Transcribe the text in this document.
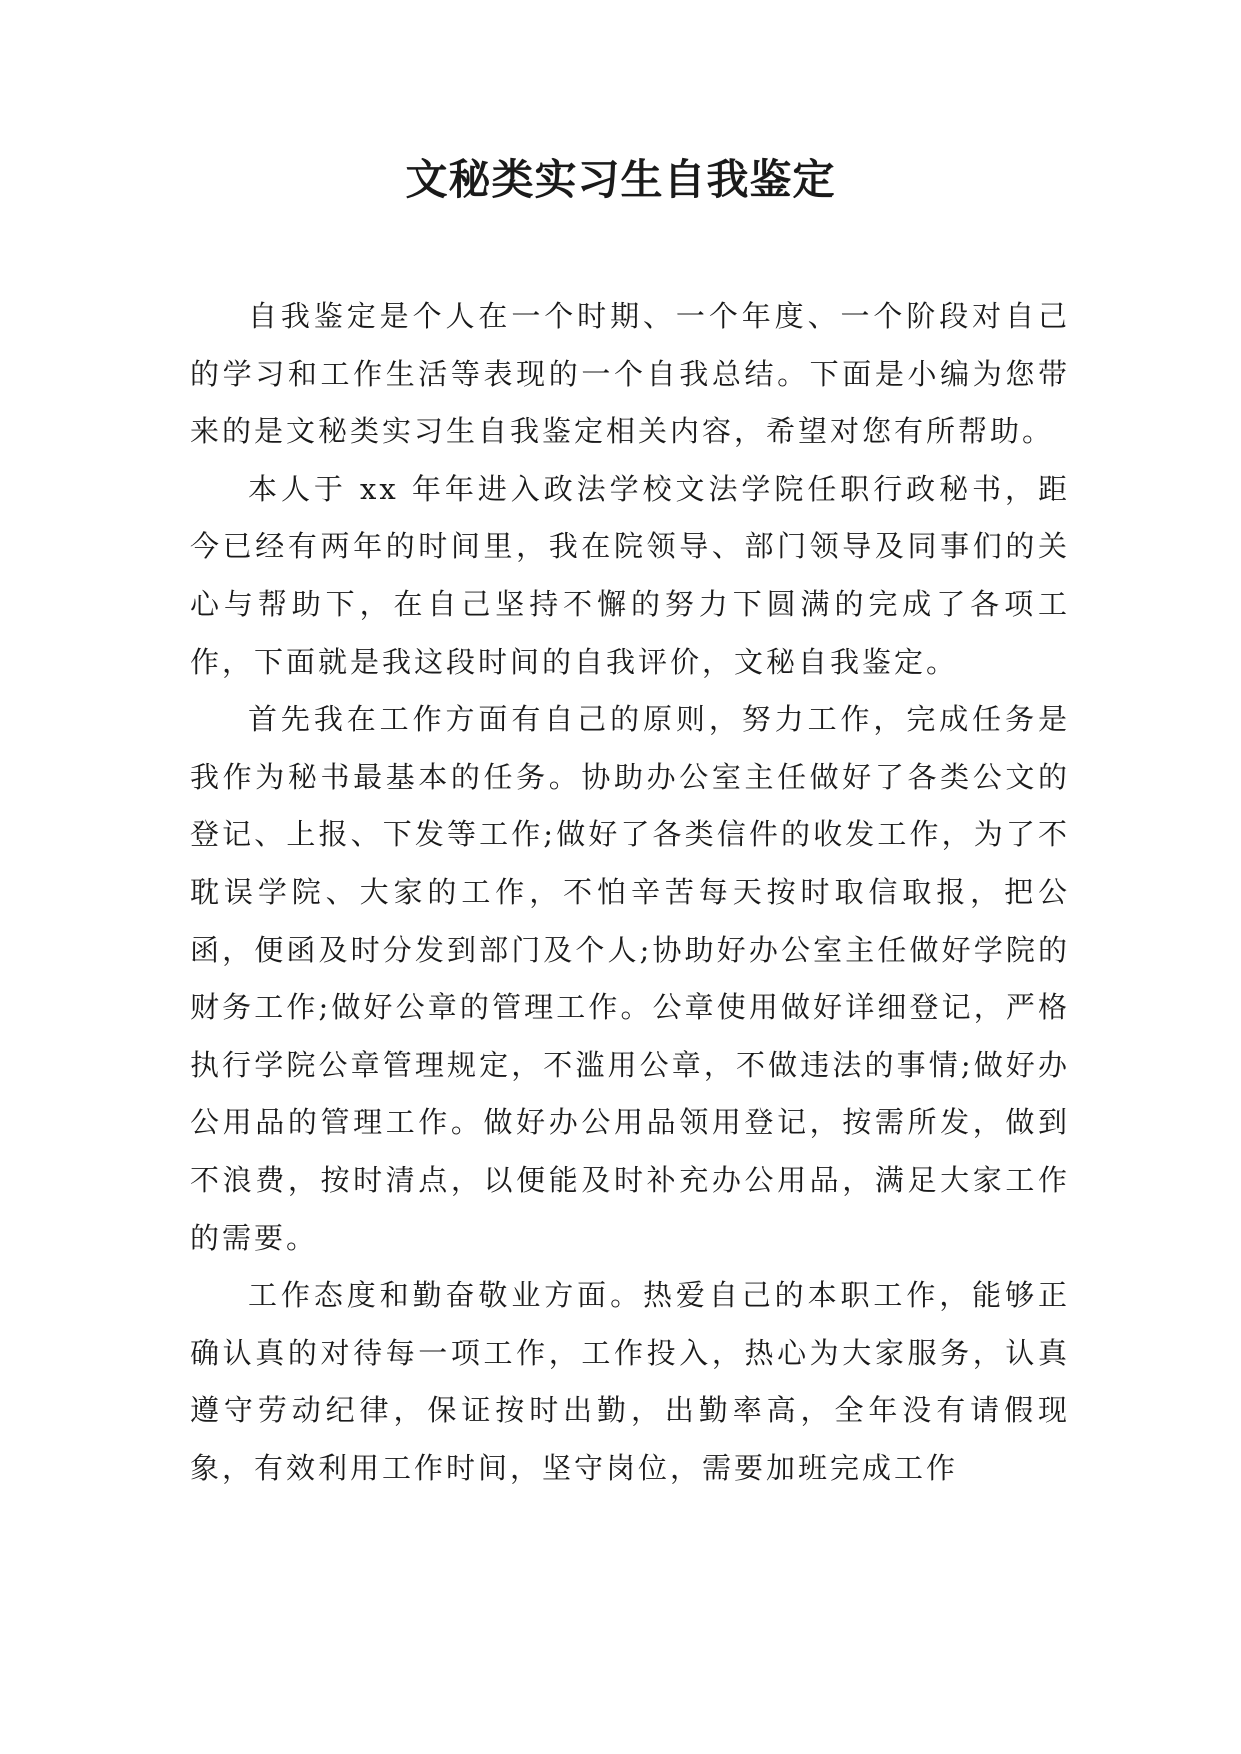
文秘类实习生自我鉴定

自我鉴定是个人在一个时期、一个年度、一个阶段对自己的学习和工作生活等表现的一个自我总结。下面是小编为您带来的是文秘类实习生自我鉴定相关内容，希望对您有所帮助。

本人于 xx 年年进入政法学校文法学院任职行政秘书，距今已经有两年的时间里，我在院领导、部门领导及同事们的关心与帮助下，在自己坚持不懈的努力下圆满的完成了各项工作，下面就是我这段时间的自我评价，文秘自我鉴定。

首先我在工作方面有自己的原则，努力工作，完成任务是我作为秘书最基本的任务。协助办公室主任做好了各类公文的登记、上报、下发等工作;做好了各类信件的收发工作，为了不耽误学院、大家的工作，不怕辛苦每天按时取信取报，把公函，便函及时分发到部门及个人;协助好办公室主任做好学院的财务工作;做好公章的管理工作。公章使用做好详细登记，严格执行学院公章管理规定，不滥用公章，不做违法的事情;做好办公用品的管理工作。做好办公用品领用登记，按需所发，做到不浪费，按时清点，以便能及时补充办公用品，满足大家工作的需要。

工作态度和勤奋敬业方面。热爱自己的本职工作，能够正确认真的对待每一项工作，工作投入，热心为大家服务，认真遵守劳动纪律，保证按时出勤，出勤率高，全年没有请假现象，有效利用工作时间，坚守岗位，需要加班完成工作
